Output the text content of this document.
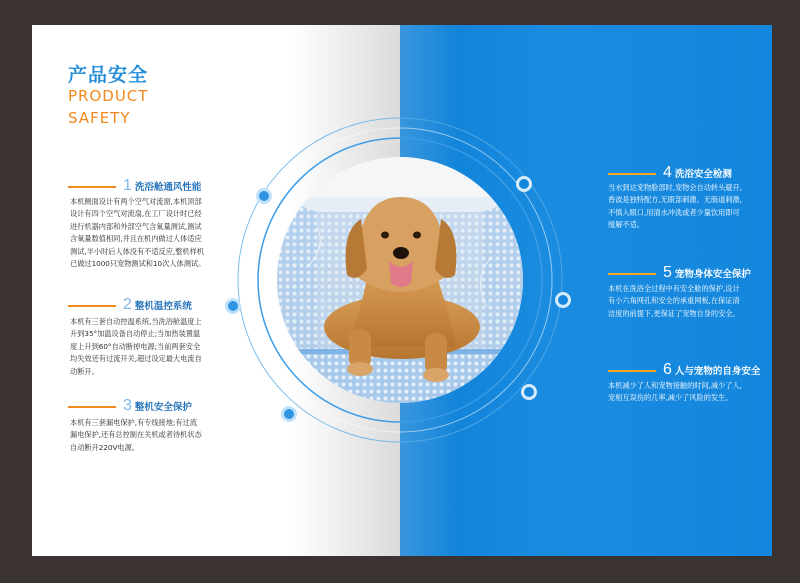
产品安全
PRODUCT
SAFETY
1 洗浴舱通风性能
本机侧面设计有两个空气对流窗,本机顶部设计有四个空气对流扇,在工厂设计时已经进行机器内部和外部空气含氧量测试,测试含氧量数值相同,并且在机内做过人体适应测试,半小时后人体没有不适反应,整机样机已做过1000只宠物测试和10次人体测试。
2 整机温控系统
本机有三套自动控温系统,当洗浴舱温度上升到35°加温设备自动停止;当加热装置温度上升到60°自动断掉电源;当前两套安全均失效还有过流开关,超过设定最大电流自动断开。
3 整机安全保护
本机有三套漏电保护,有专线接地;有过流漏电保护,还有总控制在关机或者待机状态自动断开220V电源。
4 洗浴安全检测
当水到达宠物脸部时,宠物会自动转头避开,香波是独特配方,无眼部刺激、无肠道刺激,不慎入眼口,用清水冲洗或者少量饮用即可缓解不适。
5 宠物身体安全保护
本机在洗浴全过程中有安全舱的保护,设计有小六角网孔和安全的承重网板,在保证清洁度的前提下,更保证了宠物自身的安全。
6 人与宠物的自身安全
本机减少了人和宠物接触的时间,减少了人,宠相互误伤的几率,减少了风险的发生。
